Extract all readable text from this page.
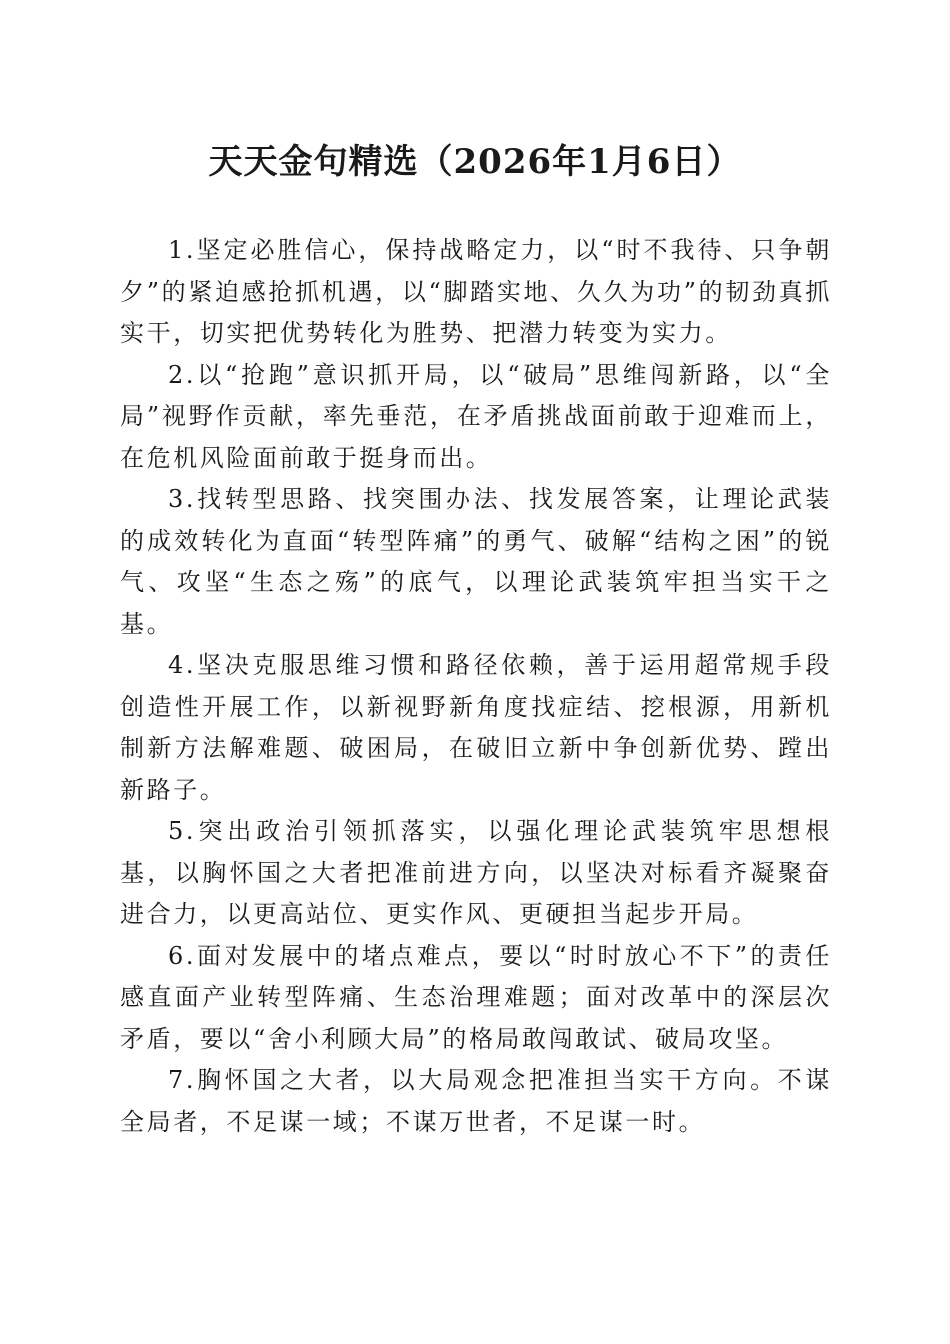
天天金句精选（2026年1月6日）

1.坚定必胜信心，保持战略定力，以“时不我待、只争朝夕”的紧迫感抢抓机遇，以“脚踏实地、久久为功”的韧劲真抓实干，切实把优势转化为胜势、把潜力转变为实力。

2.以“抢跑”意识抓开局，以“破局”思维闯新路，以“全局”视野作贡献，率先垂范，在矛盾挑战面前敢于迎难而上，在危机风险面前敢于挺身而出。

3.找转型思路、找突围办法、找发展答案，让理论武装的成效转化为直面“转型阵痛”的勇气、破解“结构之困”的锐气、攻坚“生态之殇”的底气，以理论武装筑牢担当实干之基。

4.坚决克服思维习惯和路径依赖，善于运用超常规手段创造性开展工作，以新视野新角度找症结、挖根源，用新机制新方法解难题、破困局，在破旧立新中争创新优势、蹚出新路子。

5.突出政治引领抓落实，以强化理论武装筑牢思想根基，以胸怀国之大者把准前进方向，以坚决对标看齐凝聚奋进合力，以更高站位、更实作风、更硬担当起步开局。

6.面对发展中的堵点难点，要以“时时放心不下”的责任感直面产业转型阵痛、生态治理难题；面对改革中的深层次矛盾，要以“舍小利顾大局”的格局敢闯敢试、破局攻坚。

7.胸怀国之大者，以大局观念把准担当实干方向。不谋全局者，不足谋一域；不谋万世者，不足谋一时。
